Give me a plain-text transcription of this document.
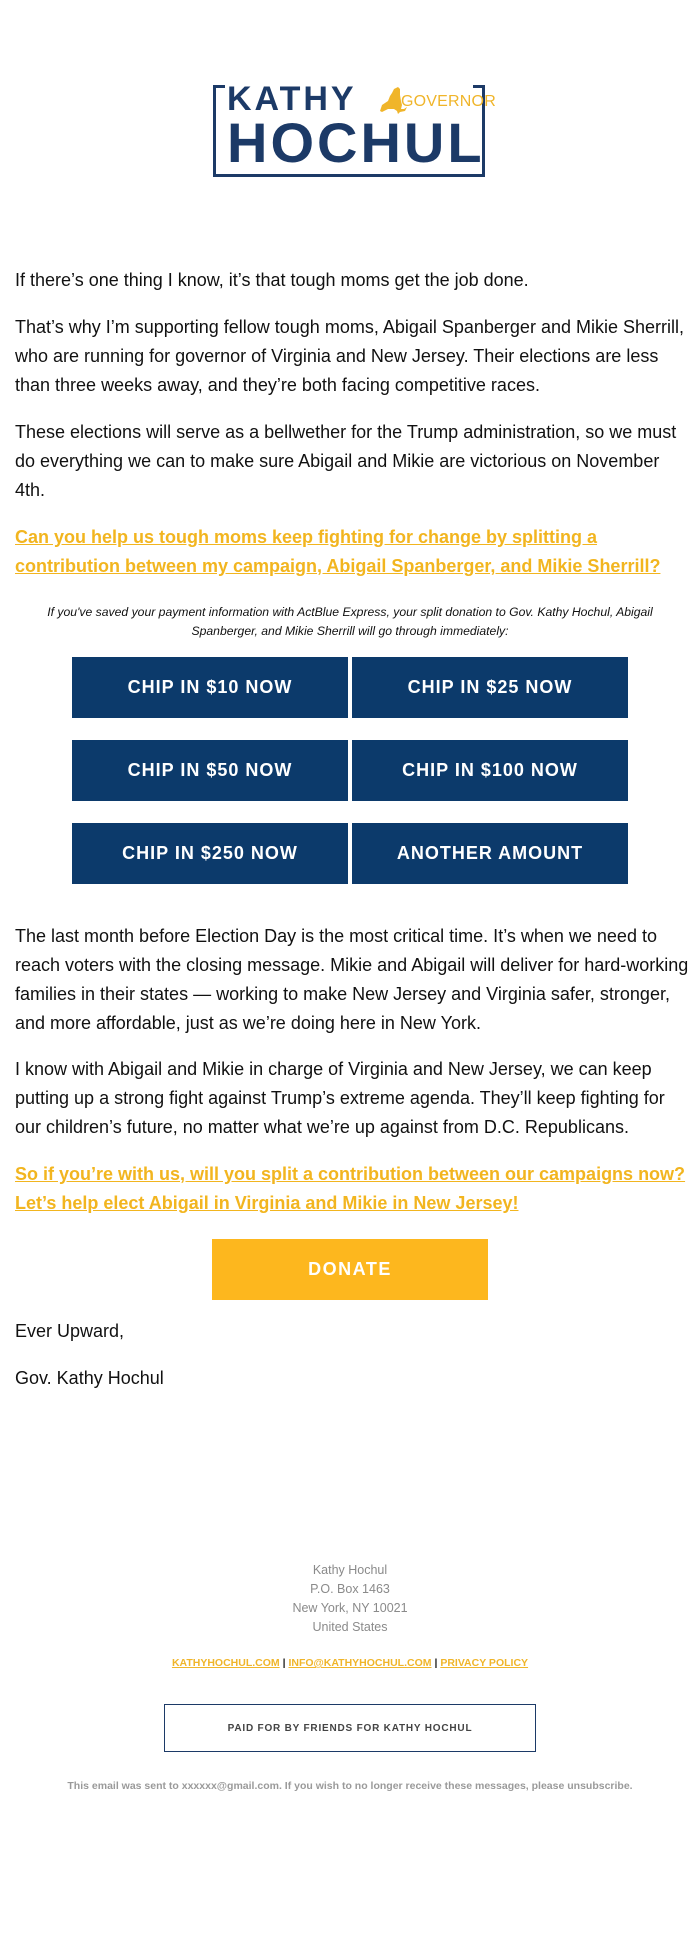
KATHY	GOVERNOR
HOCHUL

If there’s one thing I know, it’s that tough moms get the job done.

That’s why I’m supporting fellow tough moms, Abigail Spanberger and Mikie Sherrill, who are running for governor of Virginia and New Jersey. Their elections are less than three weeks away, and they’re both facing competitive races.

These elections will serve as a bellwether for the Trump administration, so we must do everything we can to make sure Abigail and Mikie are victorious on November 4th.

Can you help us tough moms keep fighting for change by splitting a contribution between my campaign, Abigail Spanberger, and Mikie Sherrill?

If you've saved your payment information with ActBlue Express, your split donation to Gov. Kathy Hochul, Abigail Spanberger, and Mikie Sherrill will go through immediately:

CHIP IN $10 NOW	CHIP IN $25 NOW
CHIP IN $50 NOW	CHIP IN $100 NOW
CHIP IN $250 NOW	ANOTHER AMOUNT

The last month before Election Day is the most critical time. It’s when we need to reach voters with the closing message. Mikie and Abigail will deliver for hard-working families in their states — working to make New Jersey and Virginia safer, stronger, and more affordable, just as we’re doing here in New York.

I know with Abigail and Mikie in charge of Virginia and New Jersey, we can keep putting up a strong fight against Trump’s extreme agenda. They’ll keep fighting for our children’s future, no matter what we’re up against from D.C. Republicans.

So if you’re with us, will you split a contribution between our campaigns now? Let’s help elect Abigail in Virginia and Mikie in New Jersey!
DONATE

Ever Upward,

Gov. Kathy Hochul

Kathy Hochul
P.O. Box 1463
New York, NY 10021
United States
KATHYHOCHUL.COM | INFO@KATHYHOCHUL.COM | PRIVACY POLICY
PAID FOR BY FRIENDS FOR KATHY HOCHUL
This email was sent to xxxxxx@gmail.com. If you wish to no longer receive these messages, please unsubscribe.
